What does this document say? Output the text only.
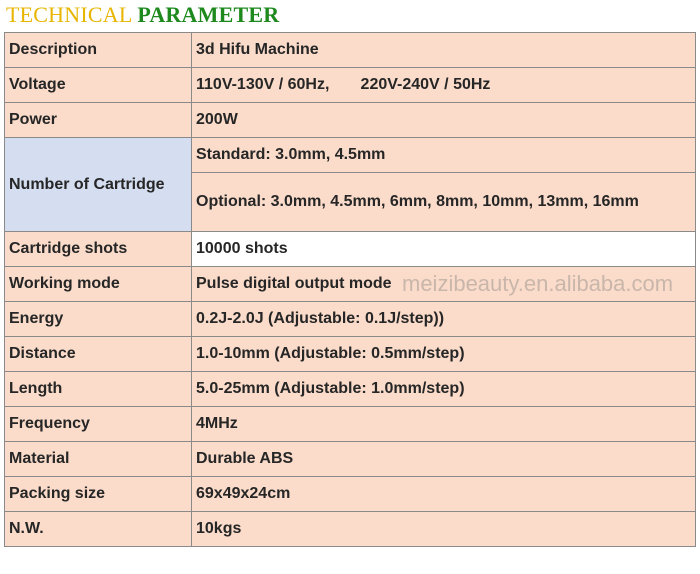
TECHNICAL PARAMETER
Description	3d Hifu Machine
Voltage	110V-130V / 60Hz,       220V-240V / 50Hz
Power	200W
Number of Cartridge	Standard: 3.0mm, 4.5mm
	Optional: 3.0mm, 4.5mm, 6mm, 8mm, 10mm, 13mm, 16mm
Cartridge shots	10000 shots
Working mode	Pulse digital output mode
Energy	0.2J-2.0J (Adjustable: 0.1J/step))
Distance	1.0-10mm (Adjustable: 0.5mm/step)
Length	5.0-25mm (Adjustable: 1.0mm/step)
Frequency	4MHz
Material	Durable ABS
Packing size	69x49x24cm
N.W.	10kgs
meizibeauty.en.alibaba.com
